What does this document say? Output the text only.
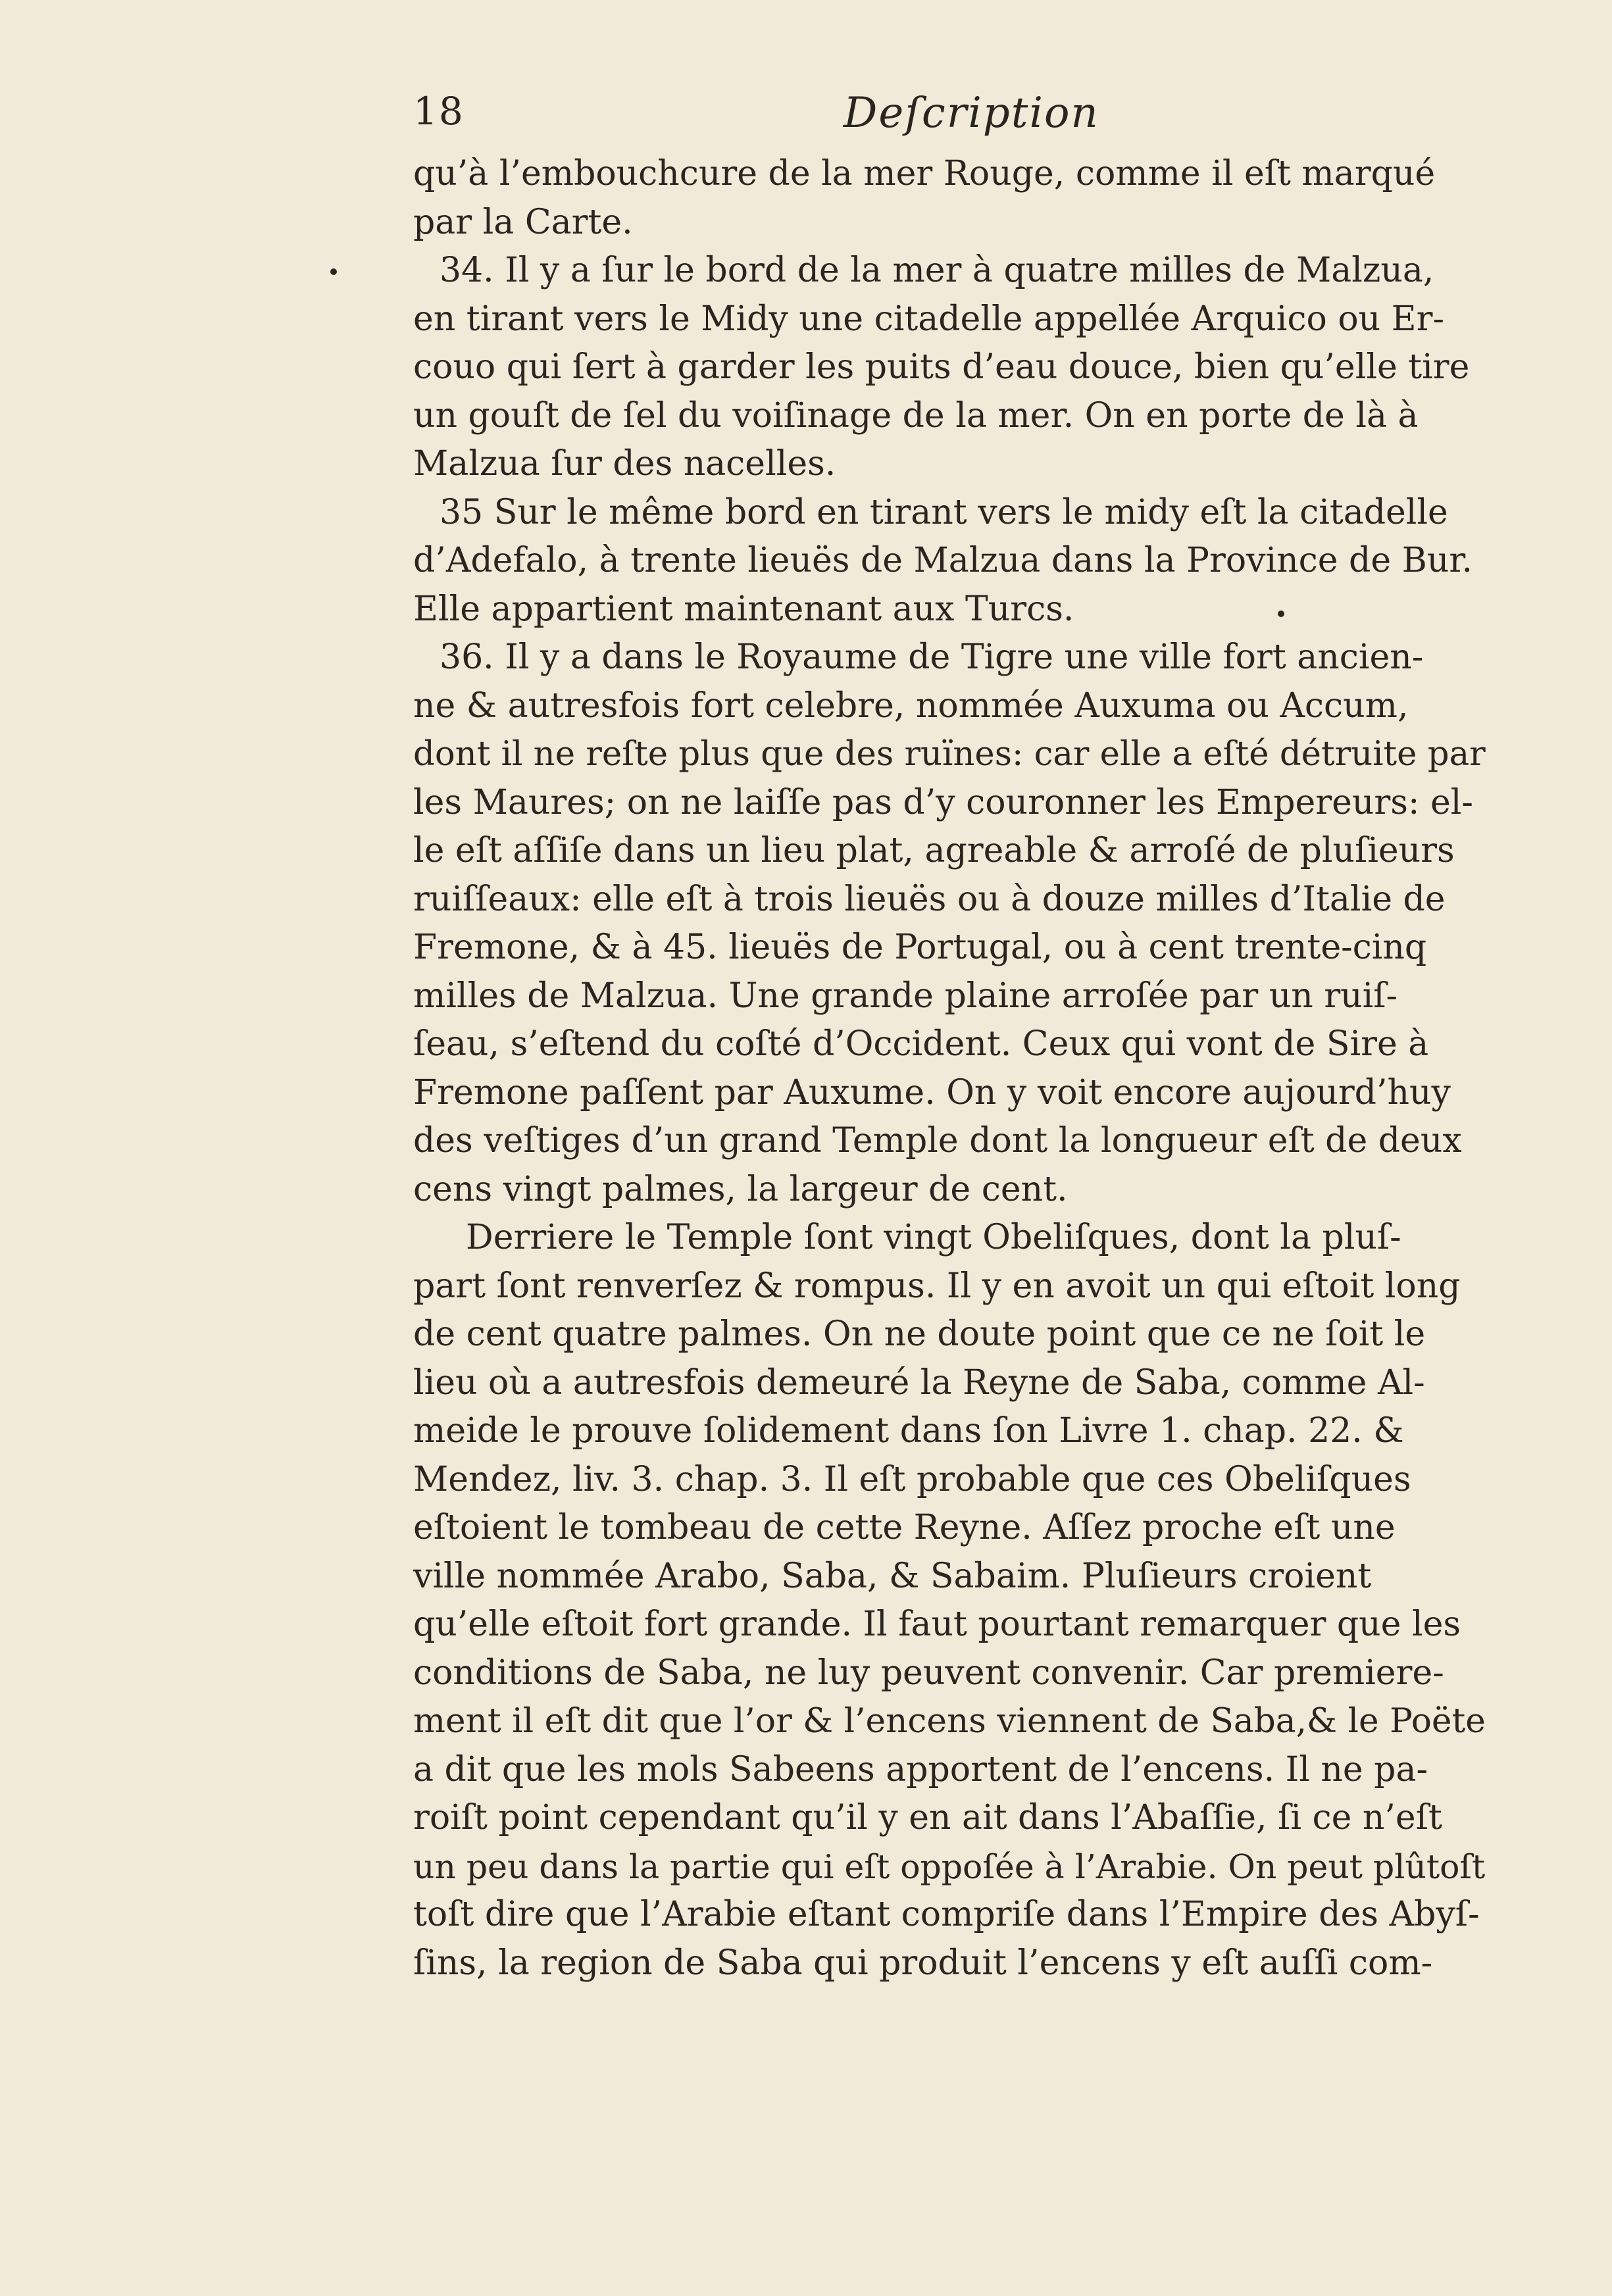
18	Deſcription
qu’à l’embouchcure de la mer Rouge, comme il eſt marqué
par la Carte.
34. Il y a ſur le bord de la mer à quatre milles de Malzua,
en tirant vers le Midy une citadelle appellée Arquico ou Er-
couo qui ſert à garder les puits d’eau douce, bien qu’elle tire
un gouſt de ſel du voiſinage de la mer. On en porte de là à
Malzua ſur des nacelles.
35 Sur le même bord en tirant vers le midy eſt la citadelle
d’Adefalo, à trente lieuës de Malzua dans la Province de Bur.
Elle appartient maintenant aux Turcs.
36. Il y a dans le Royaume de Tigre une ville fort ancien-
ne & autresfois fort celebre, nommée Auxuma ou Accum,
dont il ne reſte plus que des ruïnes: car elle a eſté détruite par
les Maures; on ne laiſſe pas d’y couronner les Empereurs: el-
le eſt aſſiſe dans un lieu plat, agreable & arroſé de pluſieurs
ruiſſeaux: elle eſt à trois lieuës ou à douze milles d’Italie de
Fremone, & à 45. lieuës de Portugal, ou à cent trente-cinq
milles de Malzua. Une grande plaine arroſée par un ruiſ-
ſeau, s’eſtend du coſté d’Occident. Ceux qui vont de Sire à
Fremone paſſent par Auxume. On y voit encore aujourd’huy
des veſtiges d’un grand Temple dont la longueur eſt de deux
cens vingt palmes, la largeur de cent.
Derriere le Temple ſont vingt Obeliſques, dont la pluſ-
part ſont renverſez & rompus. Il y en avoit un qui eſtoit long
de cent quatre palmes. On ne doute point que ce ne ſoit le
lieu où a autresfois demeuré la Reyne de Saba, comme Al-
meide le prouve ſolidement dans ſon Livre 1. chap. 22. &
Mendez, liv. 3. chap. 3. Il eſt probable que ces Obeliſques
eſtoient le tombeau de cette Reyne. Aſſez proche eſt une
ville nommée Arabo, Saba, & Sabaim. Pluſieurs croient
qu’elle eſtoit fort grande. Il faut pourtant remarquer que les
conditions de Saba, ne luy peuvent convenir. Car premiere-
ment il eſt dit que l’or & l’encens viennent de Saba,& le Poëte
a dit que les mols Sabeens apportent de l’encens. Il ne pa-
roiſt point cependant qu’il y en ait dans l’Abaſſie, ſi ce n’eſt
un peu dans la partie qui eſt oppoſée à l’Arabie. On peut plûtoſt
toſt dire que l’Arabie eſtant compriſe dans l’Empire des Abyſ-
ſins, la region de Saba qui produit l’encens y eſt auſſi com-
